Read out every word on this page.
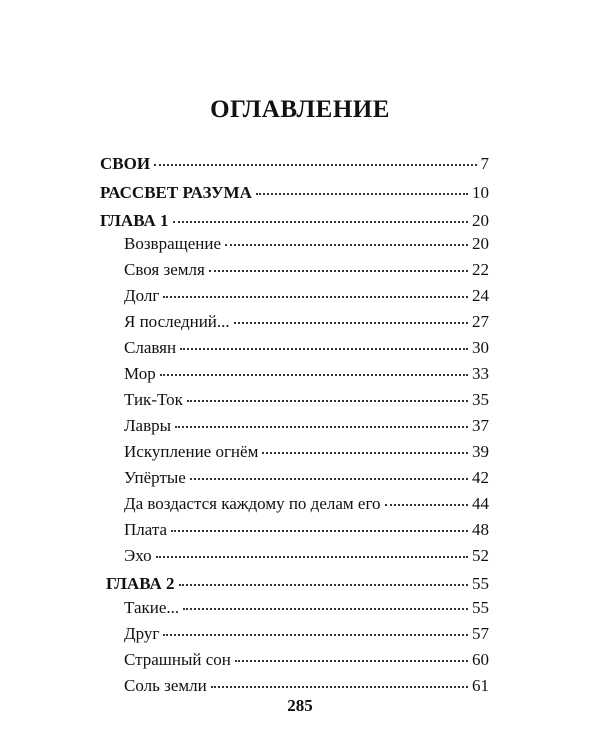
ОГЛАВЛЕНИЕ
СВОИ	7
РАССВЕТ РАЗУМА	10
ГЛАВА 1	20
Возвращение	20
Своя земля	22
Долг	24
Я последний...	27
Славян	30
Мор	33
Тик-Ток	35
Лавры	37
Искупление огнём	39
Упёртые	42
Да воздастся каждому по делам его	44
Плата	48
Эхо	52
ГЛАВА 2	55
Такие...	55
Друг	57
Страшный сон	60
Соль земли	61
285
